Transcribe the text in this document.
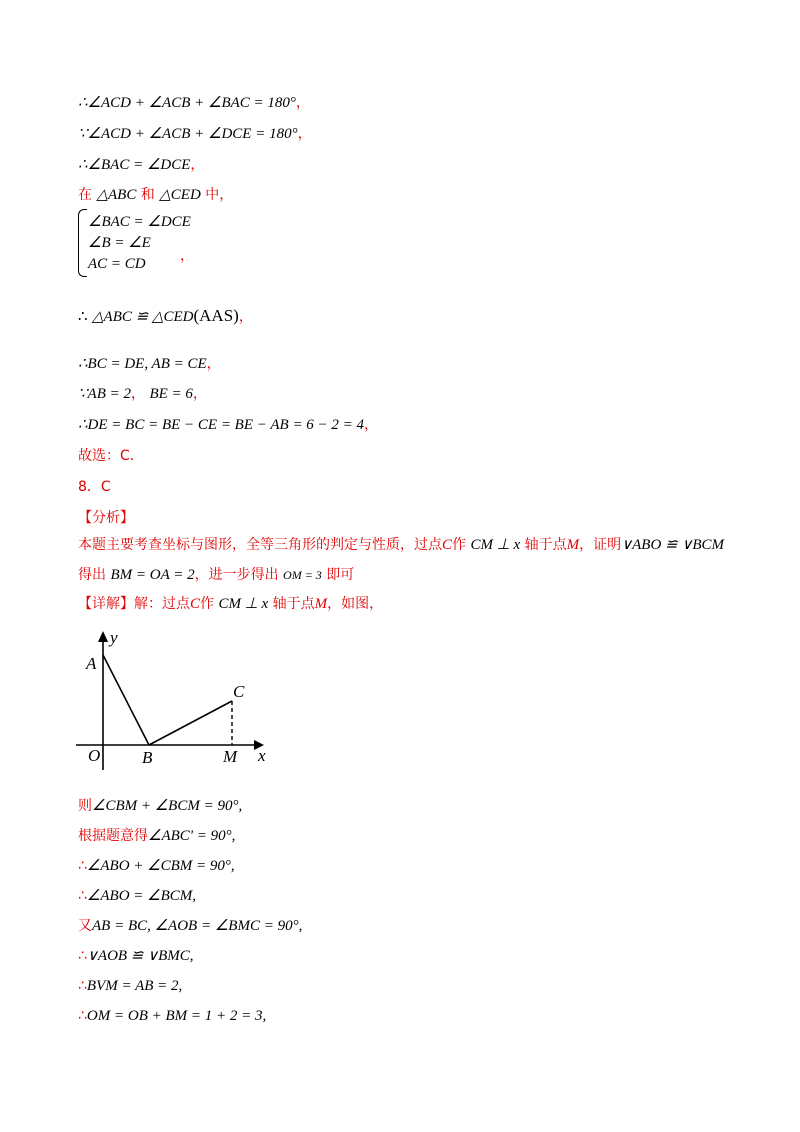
∴∠ACD + ∠ACB + ∠BAC = 180°，
∵∠ACD + ∠ACB + ∠DCE = 180°，
∴∠BAC = ∠DCE，
在 △ABC 和 △CED 中，
∠BAC = ∠DCE
∠B = ∠E
AC = CD ，
∴ △ABC ≌ △CED(AAS)，
∴BC = DE, AB = CE，
∵AB = 2， BE = 6，
∴DE = BC = BE − CE = BE − AB = 6 − 2 = 4，
故选：C．
8．C
【分析】
本题主要考查坐标与图形，全等三角形的判定与性质，过点C作 CM ⊥ x 轴于点M，证明∨ABO ≌ ∨BCM
得出 BM = OA = 2，进一步得出 OM = 3 即可
【详解】解：过点C作 CM ⊥ x 轴于点M，如图，
y
x
A
O B	M
C
则∠CBM + ∠BCM = 90°,
根据题意得∠ABC' = 90°,
∴∠ABO + ∠CBM = 90°,
∴∠ABO = ∠BCM,
又AB = BC, ∠AOB = ∠BMC = 90°,
∴∨AOB ≌ ∨BMC,
∴BVM = AB = 2,
∴OM = OB + BM = 1 + 2 = 3,
